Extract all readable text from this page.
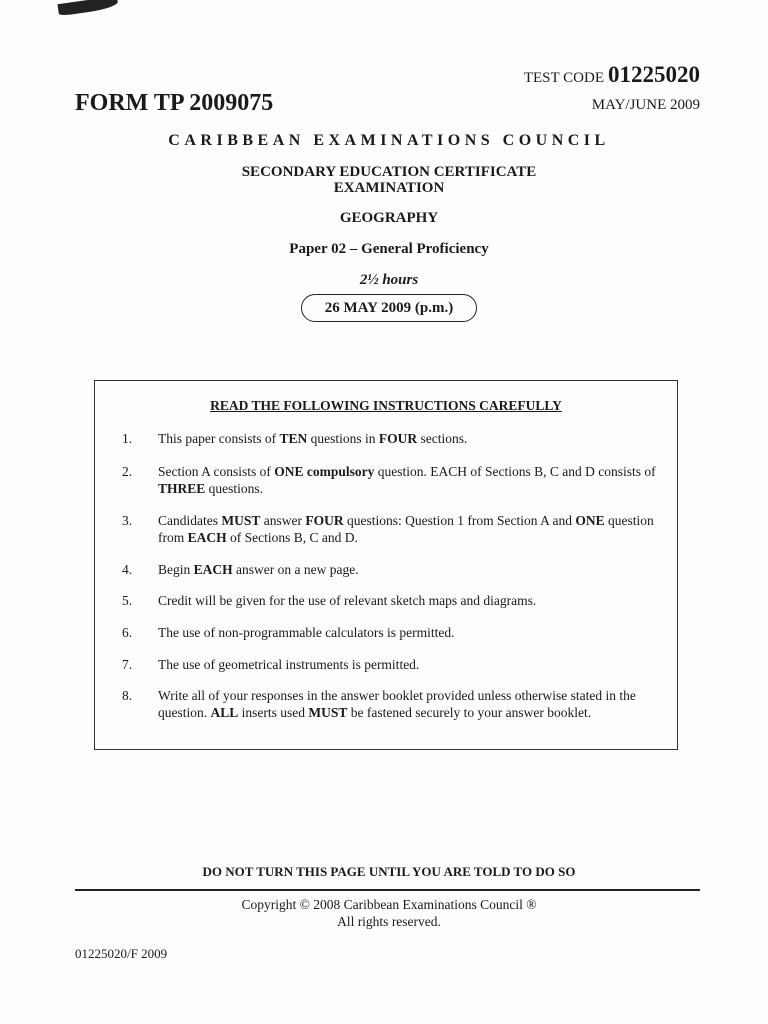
TEST CODE 01225020
MAY/JUNE 2009
FORM TP 2009075
CARIBBEAN EXAMINATIONS COUNCIL
SECONDARY EDUCATION CERTIFICATE
EXAMINATION
GEOGRAPHY
Paper 02 – General Proficiency
2½ hours
26 MAY 2009 (p.m.)
READ THE FOLLOWING INSTRUCTIONS CAREFULLY
1.	This paper consists of TEN questions in FOUR sections.
2.	Section A consists of ONE compulsory question. EACH of Sections B, C and D consists of THREE questions.
3.	Candidates MUST answer FOUR questions: Question 1 from Section A and ONE question from EACH of Sections B, C and D.
4.	Begin EACH answer on a new page.
5.	Credit will be given for the use of relevant sketch maps and diagrams.
6.	The use of non-programmable calculators is permitted.
7.	The use of geometrical instruments is permitted.
8.	Write all of your responses in the answer booklet provided unless otherwise stated in the question. ALL inserts used MUST be fastened securely to your answer booklet.
DO NOT TURN THIS PAGE UNTIL YOU ARE TOLD TO DO SO
Copyright © 2008 Caribbean Examinations Council ®
All rights reserved.
01225020/F 2009
